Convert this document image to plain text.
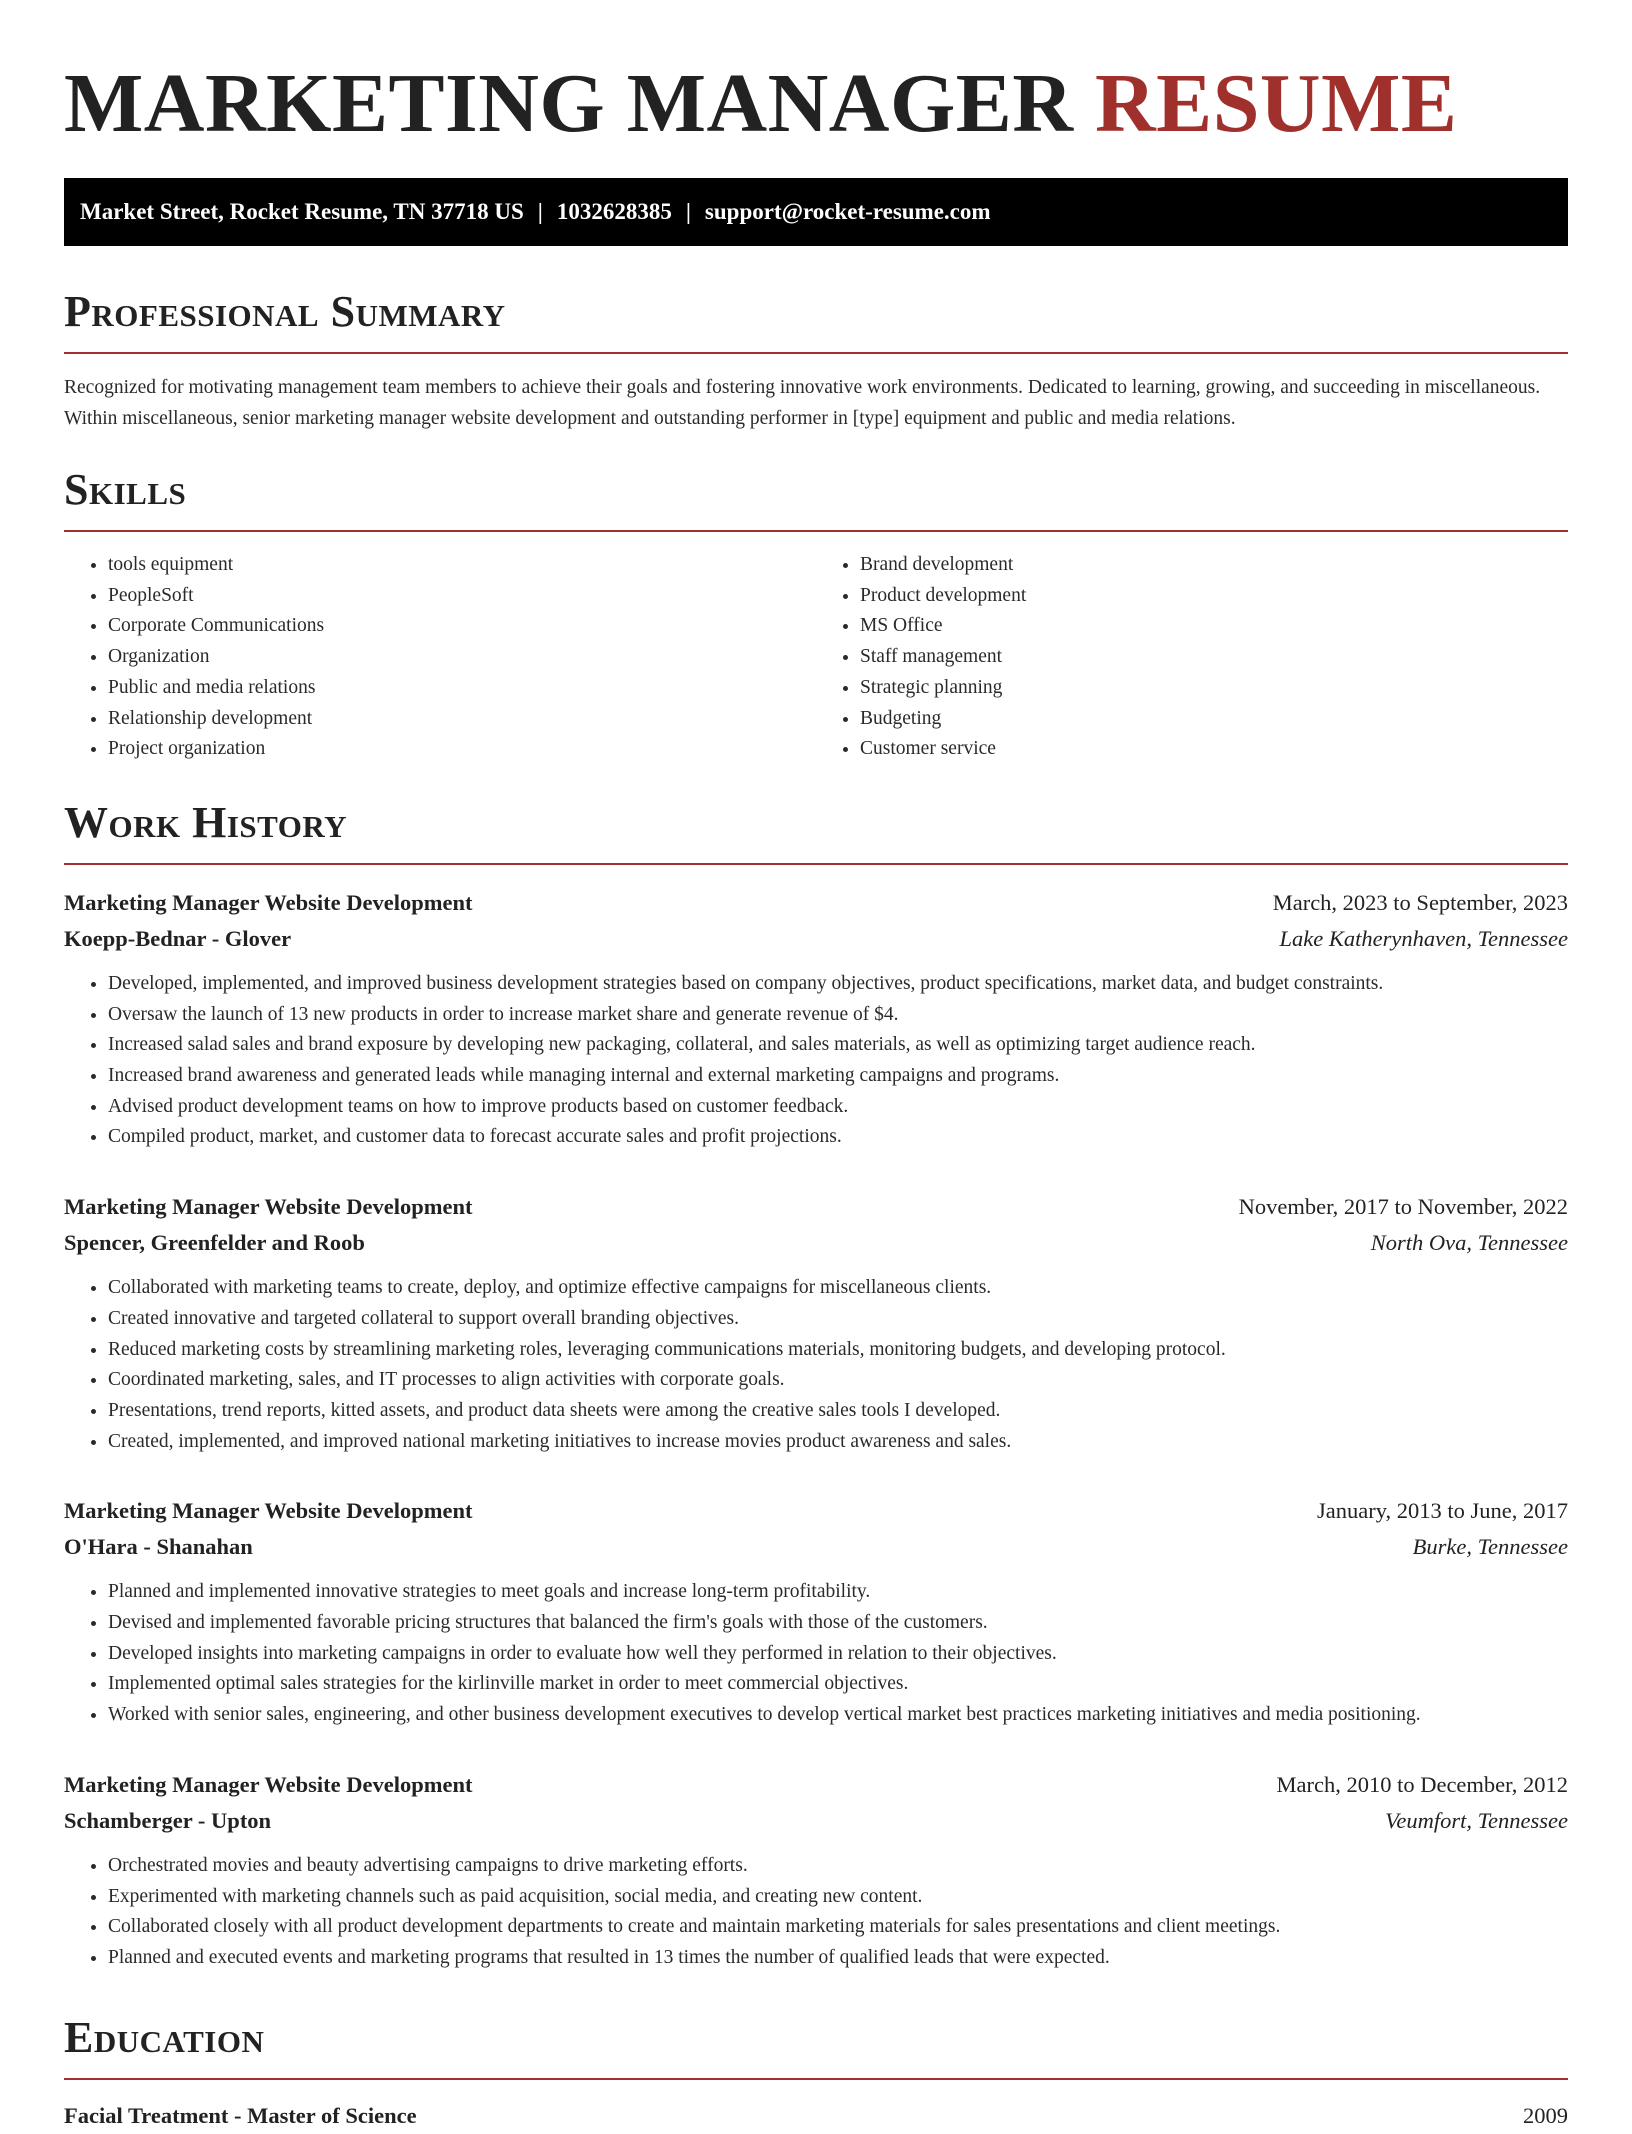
MARKETING MANAGER RESUME
Market Street, Rocket Resume, TN 37718 US | 1032628385 | support@rocket-resume.com
Professional Summary

Recognized for motivating management team members to achieve their goals and fostering innovative work environments. Dedicated to learning, growing, and succeeding in miscellaneous. Within miscellaneous, senior marketing manager website development and outstanding performer in [type] equipment and public and media relations.

Skills
• tools equipment
• PeopleSoft
• Corporate Communications
• Organization
• Public and media relations
• Relationship development
• Project organization
• Brand development
• Product development
• MS Office
• Staff management
• Strategic planning
• Budgeting
• Customer service
Work History
Marketing Manager Website Development	March, 2023 to September, 2023
Koepp-Bednar - Glover	Lake Katherynhaven, Tennessee
• Developed, implemented, and improved business development strategies based on company objectives, product specifications, market data, and budget constraints.
• Oversaw the launch of 13 new products in order to increase market share and generate revenue of $4.
• Increased salad sales and brand exposure by developing new packaging, collateral, and sales materials, as well as optimizing target audience reach.
• Increased brand awareness and generated leads while managing internal and external marketing campaigns and programs.
• Advised product development teams on how to improve products based on customer feedback.
• Compiled product, market, and customer data to forecast accurate sales and profit projections.
Marketing Manager Website Development	November, 2017 to November, 2022
Spencer, Greenfelder and Roob	North Ova, Tennessee
• Collaborated with marketing teams to create, deploy, and optimize effective campaigns for miscellaneous clients.
• Created innovative and targeted collateral to support overall branding objectives.
• Reduced marketing costs by streamlining marketing roles, leveraging communications materials, monitoring budgets, and developing protocol.
• Coordinated marketing, sales, and IT processes to align activities with corporate goals.
• Presentations, trend reports, kitted assets, and product data sheets were among the creative sales tools I developed.
• Created, implemented, and improved national marketing initiatives to increase movies product awareness and sales.
Marketing Manager Website Development	January, 2013 to June, 2017
O'Hara - Shanahan	Burke, Tennessee
• Planned and implemented innovative strategies to meet goals and increase long-term profitability.
• Devised and implemented favorable pricing structures that balanced the firm's goals with those of the customers.
• Developed insights into marketing campaigns in order to evaluate how well they performed in relation to their objectives.
• Implemented optimal sales strategies for the kirlinville market in order to meet commercial objectives.
• Worked with senior sales, engineering, and other business development executives to develop vertical market best practices marketing initiatives and media positioning.
Marketing Manager Website Development	March, 2010 to December, 2012
Schamberger - Upton	Veumfort, Tennessee
• Orchestrated movies and beauty advertising campaigns to drive marketing efforts.
• Experimented with marketing channels such as paid acquisition, social media, and creating new content.
• Collaborated closely with all product development departments to create and maintain marketing materials for sales presentations and client meetings.
• Planned and executed events and marketing programs that resulted in 13 times the number of qualified leads that were expected.
Education
Facial Treatment - Master of Science	2009
